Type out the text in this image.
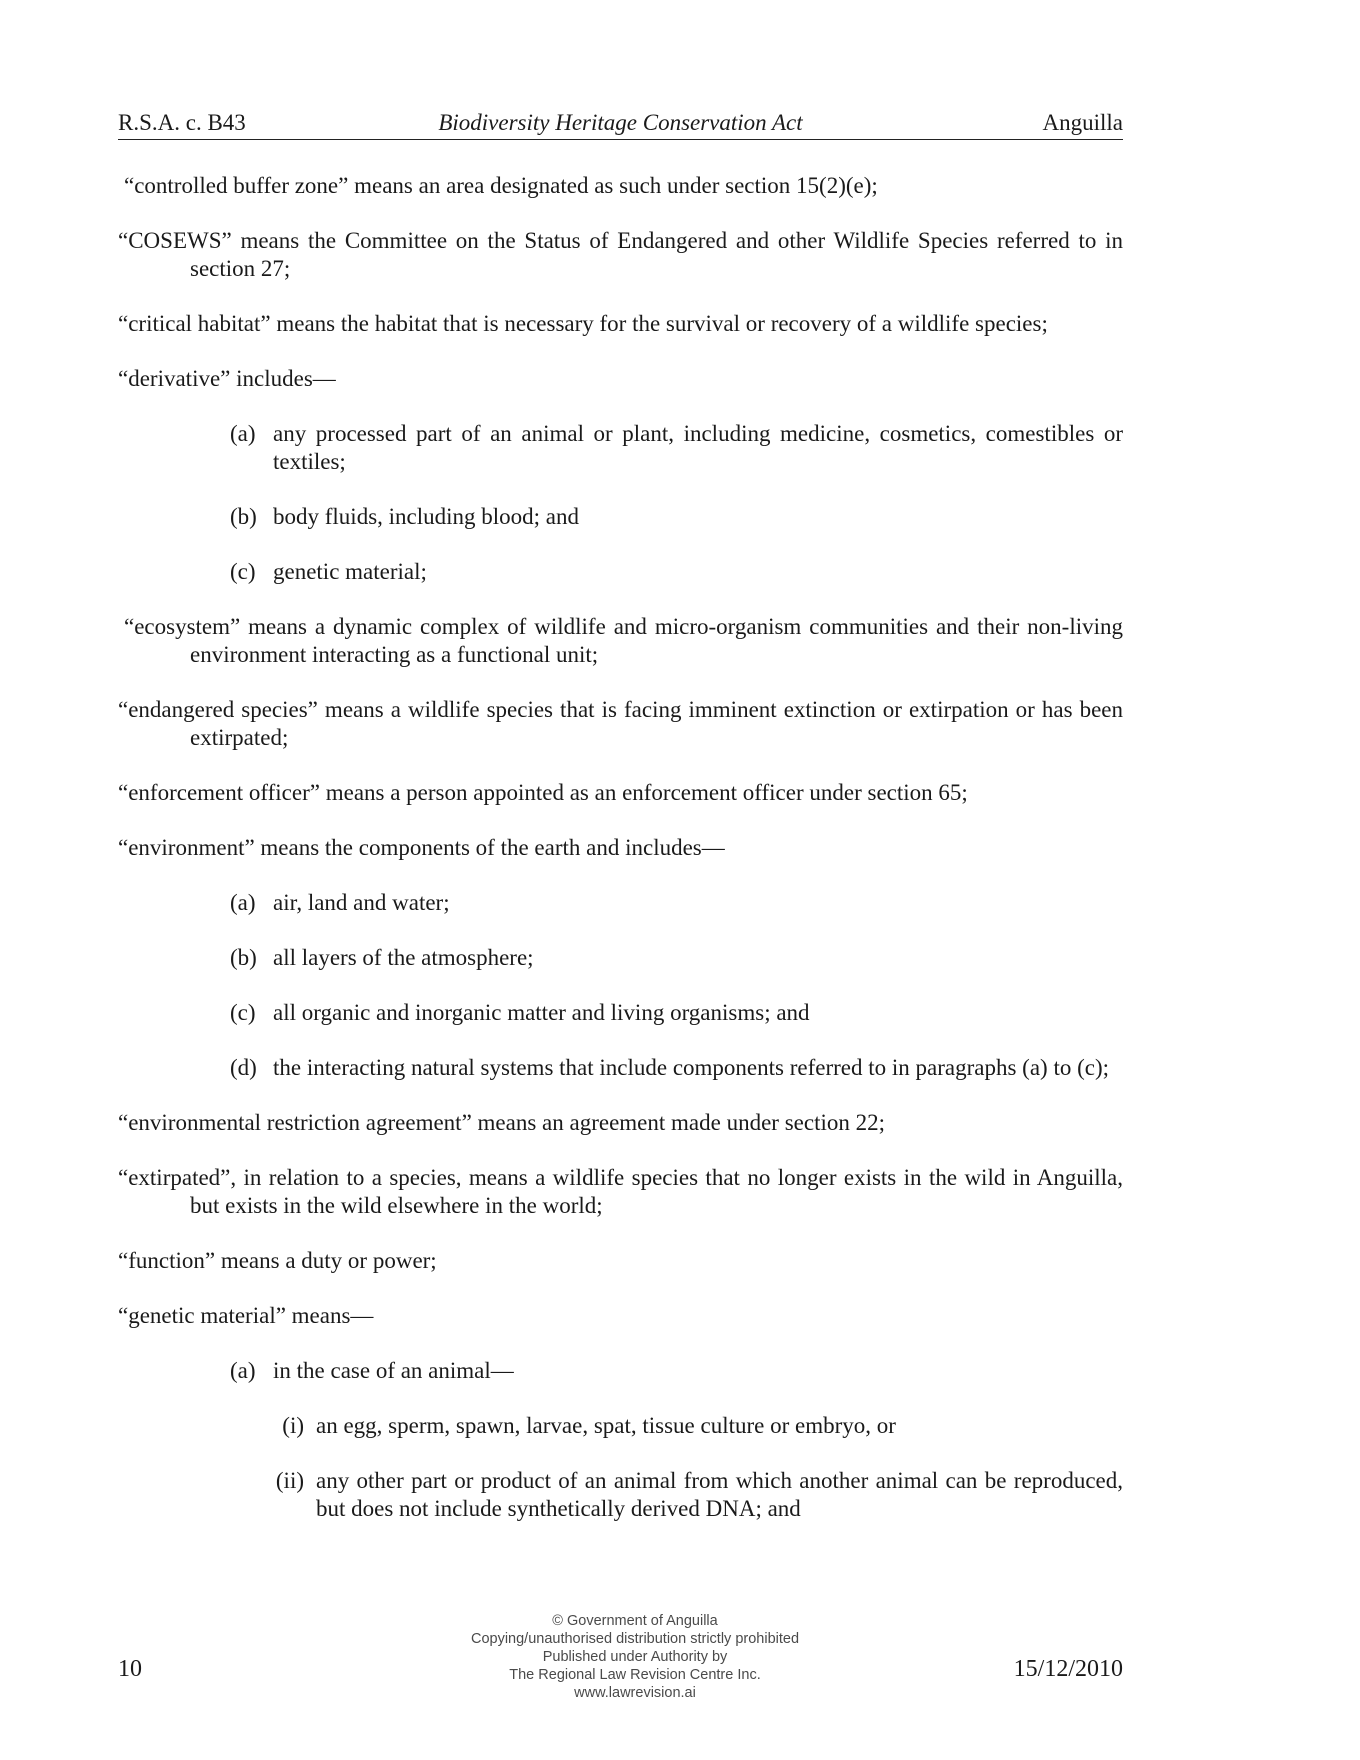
R.S.A. c. B43	Biodiversity Heritage Conservation Act	Anguilla

“controlled buffer zone” means an area designated as such under section 15(2)(e);

“COSEWS” means the Committee on the Status of Endangered and other Wildlife Species referred to in section 27;

“critical habitat” means the habitat that is necessary for the survival or recovery of a wildlife species;

“derivative” includes—

(a) any processed part of an animal or plant, including medicine, cosmetics, comestibles or textiles;

(b) body fluids, including blood; and

(c) genetic material;

“ecosystem” means a dynamic complex of wildlife and micro-organism communities and their non-living environment interacting as a functional unit;

“endangered species” means a wildlife species that is facing imminent extinction or extirpation or has been extirpated;

“enforcement officer” means a person appointed as an enforcement officer under section 65;

“environment” means the components of the earth and includes—

(a) air, land and water;

(b) all layers of the atmosphere;

(c) all organic and inorganic matter and living organisms; and

(d) the interacting natural systems that include components referred to in paragraphs (a) to (c);

“environmental restriction agreement” means an agreement made under section 22;

“extirpated”, in relation to a species, means a wildlife species that no longer exists in the wild in Anguilla, but exists in the wild elsewhere in the world;

“function” means a duty or power;

“genetic material” means—

(a) in the case of an animal—

(i) an egg, sperm, spawn, larvae, spat, tissue culture or embryo, or

(ii) any other part or product of an animal from which another animal can be reproduced, but does not include synthetically derived DNA; and

10
© Government of Anguilla
Copying/unauthorised distribution strictly prohibited
Published under Authority by
The Regional Law Revision Centre Inc.
www.lawrevision.ai
15/12/2010
